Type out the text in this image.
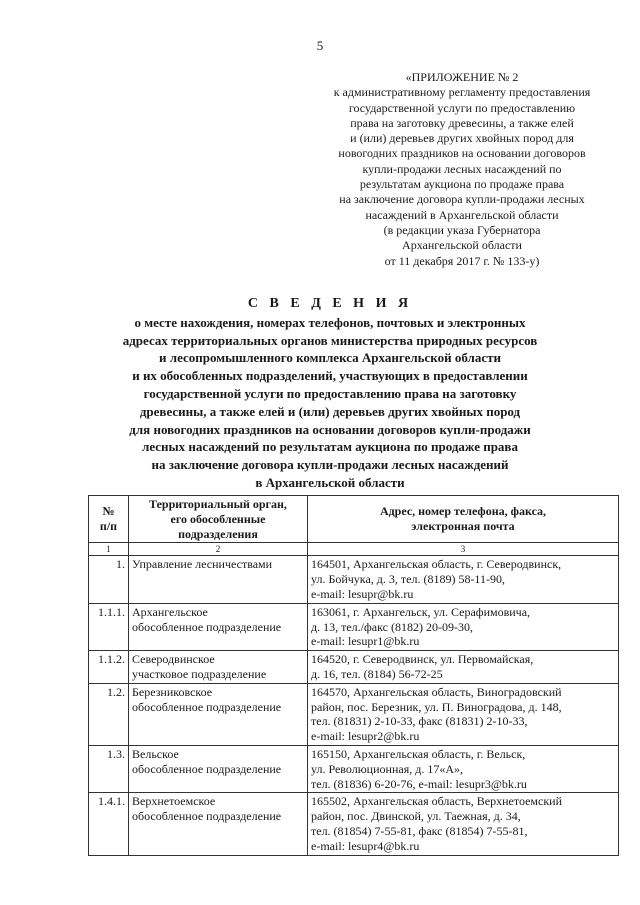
5
«ПРИЛОЖЕНИЕ № 2
к административному регламенту предоставления
государственной услуги по предоставлению
права на заготовку древесины, а также елей
и (или) деревьев других хвойных пород для
новогодних праздников на основании договоров
купли-продажи лесных насаждений по
результатам аукциона по продаже права
на заключение договора купли-продажи лесных
насаждений в Архангельской области
(в редакции указа Губернатора
Архангельской области
от 11 декабря 2017 г. № 133-у)
С В Е Д Е Н И Я
о месте нахождения, номерах телефонов, почтовых и электронных
адресах территориальных органов министерства природных ресурсов
и лесопромышленного комплекса Архангельской области
и их обособленных подразделений, участвующих в предоставлении
государственной услуги по предоставлению права на заготовку
древесины, а также елей и (или) деревьев других хвойных пород
для новогодних праздников на основании договоров купли-продажи
лесных насаждений по результатам аукциона по продаже права
на заключение договора купли-продажи лесных насаждений
в Архангельской области
№
п/п	Территориальный орган,
его обособленные
подразделения	Адрес, номер телефона, факса,
электронная почта

1	2	3
1.	Управление лесничествами	164501, Архангельская область, г. Северодвинск,
ул. Бойчука, д. 3, тел. (8189) 58-11-90,
e-mail: lesupr@bk.ru

1.1.1.	Архангельское
обособленное подразделение	163061, г. Архангельск, ул. Серафимовича,
д. 13, тел./факс (8182) 20-09-30,
e-mail: lesupr1@bk.ru

1.1.2.	Северодвинское
участковое подразделение	164520, г. Северодвинск, ул. Первомайская,
д. 16, тел. (8184) 56-72-25

1.2.	Березниковское
обособленное подразделение	164570, Архангельская область, Виноградовский
район, пос. Березник, ул. П. Виноградова, д. 148,
тел. (81831) 2-10-33, факс (81831) 2-10-33,
e-mail: lesupr2@bk.ru

1.3.	Вельское
обособленное подразделение	165150, Архангельская область, г. Вельск,
ул. Революционная, д. 17«А»,
тел. (81836) 6-20-76, e-mail: lesupr3@bk.ru

1.4.1.	Верхнетоемское
обособленное подразделение	165502, Архангельская область, Верхнетоемский
район, пос. Двинской, ул. Таежная, д. 34,
тел. (81854) 7-55-81, факс (81854) 7-55-81,
e-mail: lesupr4@bk.ru
